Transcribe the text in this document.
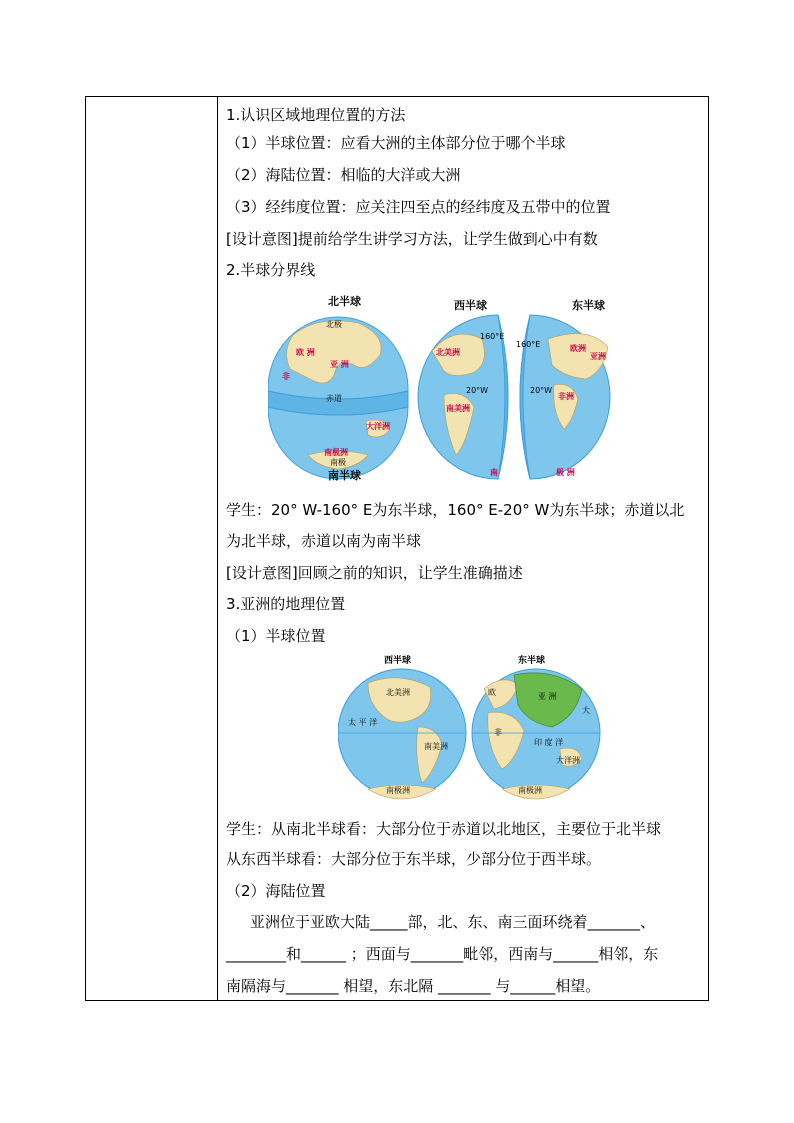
1.认识区域地理位置的方法
（1）半球位置：应看大洲的主体部分位于哪个半球
（2）海陆位置：相临的大洋或大洲
（3）经纬度位置：应关注四至点的经纬度及五带中的位置
[设计意图]提前给学生讲学习方法，让学生做到心中有数
2.半球分界线
北半球
北极
欧 洲
亚 洲
非
赤道
大洋洲
南极洲
南极
南半球
西半球
北美洲
南美洲
160°E
20°W
南
东半球
欧洲
亚洲
非洲
160°E
20°W
极 洲
学生：20° W-160° E为东半球，160° E-20° W为东半球；赤道以北
为北半球，赤道以南为南半球
[设计意图]回顾之前的知识，让学生准确描述
3.亚洲的地理位置
（1）半球位置
西半球	东半球
北美洲
南美洲
太 平 洋
南极洲
欧	亚 洲
非
印 度 洋
大洋洲
大
南极洲
学生：从南北半球看：大部分位于赤道以北地区，主要位于北半球
从东西半球看：大部分位于东半球，少部分位于西半球。
（2）海陆位置
亚洲位于亚欧大陆_____部，北、东、南三面环绕着_______、
________和______ ；西面与_______毗邻，西南与______相邻，东
南隔海与_______ 相望，东北隔 _______ 与______相望。
